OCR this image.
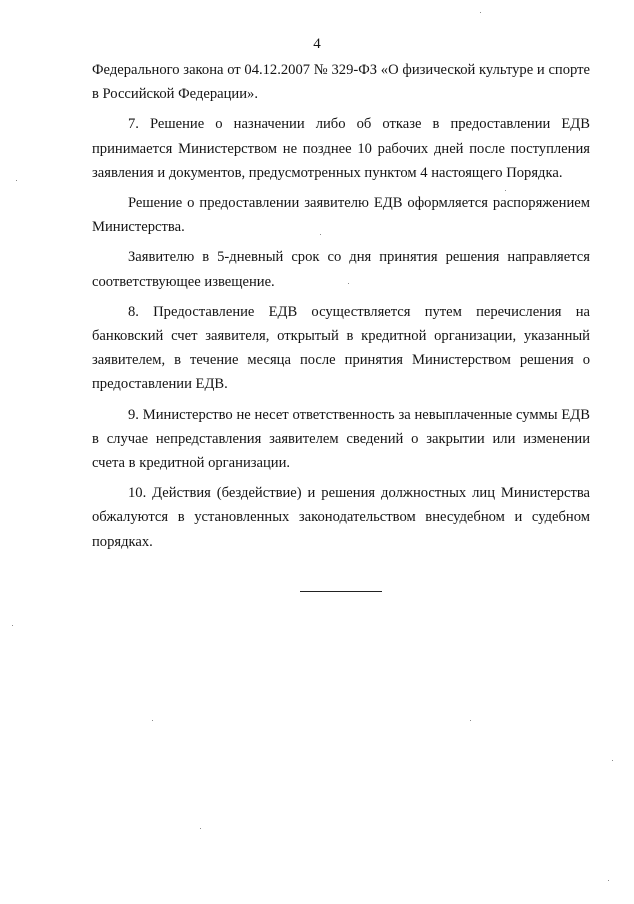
4

Федерального закона от 04.12.2007 № 329-ФЗ «О физической культуре и спорте в Российской Федерации».

7. Решение о назначении либо об отказе в предоставлении ЕДВ принимается Министерством не позднее 10 рабочих дней после поступления заявления и документов, предусмотренных пунктом 4 настоящего Порядка.

Решение о предоставлении заявителю ЕДВ оформляется распоряжением Министерства.

Заявителю в 5-дневный срок со дня принятия решения направляется соответствующее извещение.

8. Предоставление ЕДВ осуществляется путем перечисления на банковский счет заявителя, открытый в кредитной организации, указанный заявителем, в течение месяца после принятия Министерством решения о предоставлении ЕДВ.

9. Министерство не несет ответственность за невыплаченные суммы ЕДВ в случае непредставления заявителем сведений о закрытии или изменении счета в кредитной организации.

10. Действия (бездействие) и решения должностных лиц Министерства обжалуются в установленных законодательством внесудебном и судебном порядках.
